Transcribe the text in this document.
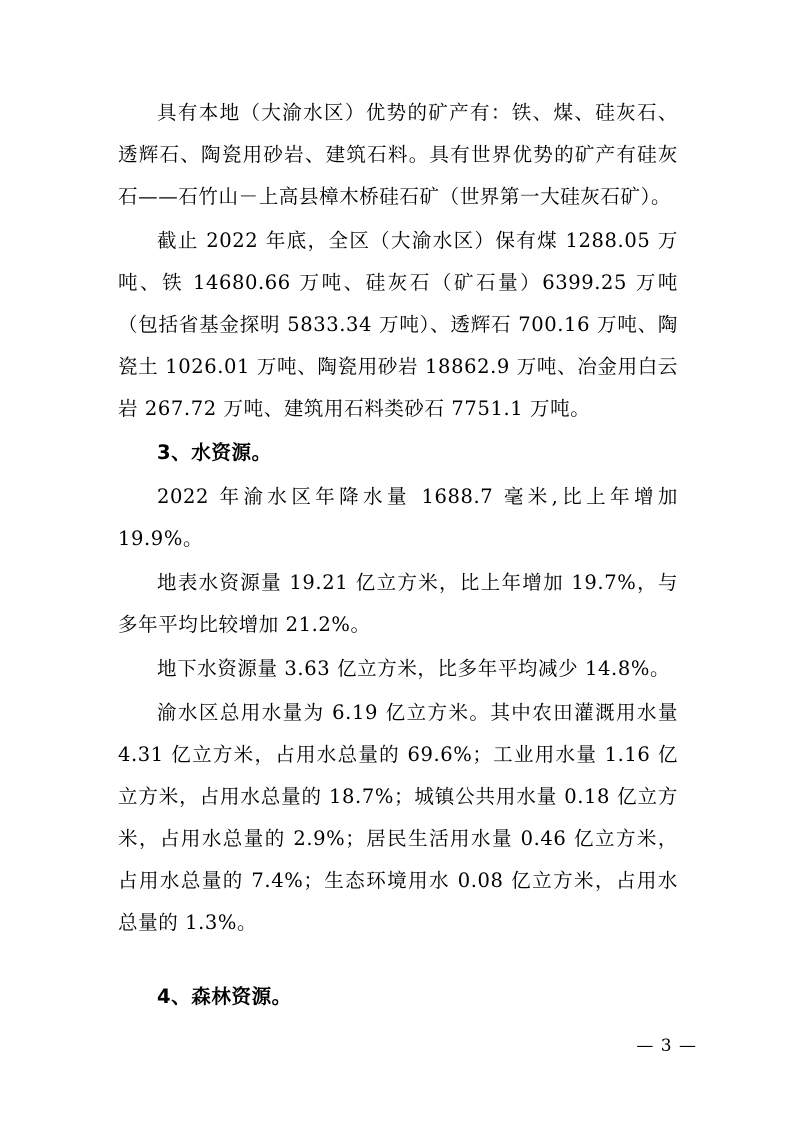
具有本地（大渝水区）优势的矿产有：铁、煤、硅灰石、透辉石、陶瓷用砂岩、建筑石料。具有世界优势的矿产有硅灰石——石竹山－上高县樟木桥硅石矿（世界第一大硅灰石矿）。

截止 2022 年底，全区（大渝水区）保有煤 1288.05 万吨、铁 14680.66 万吨、硅灰石（矿石量）6399.25 万吨（包括省基金探明 5833.34 万吨）、透辉石 700.16 万吨、陶瓷土 1026.01 万吨、陶瓷用砂岩 18862.9 万吨、冶金用白云岩 267.72 万吨、建筑用石料类砂石 7751.1 万吨。

3、水资源。

2022 年渝水区年降水量 1688.7 毫米,比上年增加 19.9%。

地表水资源量 19.21 亿立方米，比上年增加 19.7%，与多年平均比较增加 21.2%。

地下水资源量 3.63 亿立方米，比多年平均减少 14.8%。

渝水区总用水量为 6.19 亿立方米。其中农田灌溉用水量 4.31 亿立方米，占用水总量的 69.6%；工业用水量 1.16 亿立方米，占用水总量的 18.7%；城镇公共用水量 0.18 亿立方米，占用水总量的 2.9%；居民生活用水量 0.46 亿立方米，占用水总量的 7.4%；生态环境用水 0.08 亿立方米，占用水总量的 1.3%。

4、森林资源。

— 3 —
